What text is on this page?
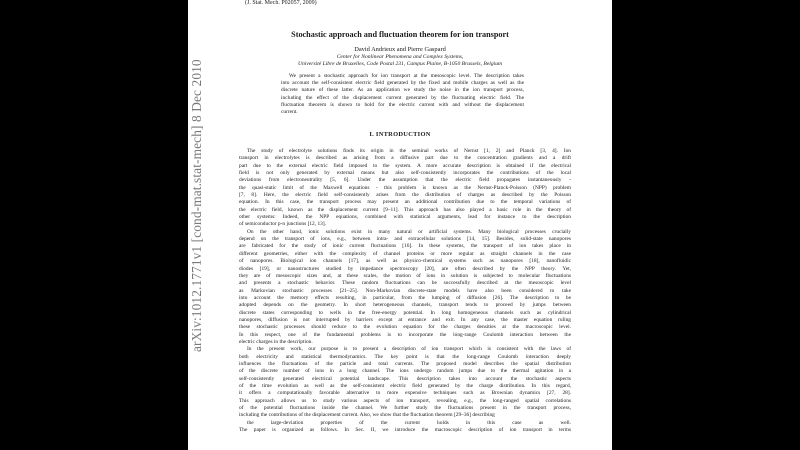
arXiv:1012.1771v1 [cond-mat.stat-mech] 8 Dec 2010
(J. Stat. Mech. P02057, 2009)
Stochastic approach and fluctuation theorem for ion transport
David Andrieux and Pierre Gaspard
Center for Nonlinear Phenomena and Complex Systems,
Université Libre de Bruxelles, Code Postal 231, Campus Plaine, B-1050 Brussels, Belgium
We present a stochastic approach for ion transport at the mesoscopic level. The description takes
into account the self-consistent electric field generated by the fixed and mobile charges as well as the
discrete nature of these latter. As an application we study the noise in the ion transport process,
including the effect of the displacement current generated by the fluctuating electric field. The
fluctuation theorem is shown to hold for the electric current with and without the displacement
current.
I. INTRODUCTION
The study of electrolyte solutions finds its origin in the seminal works of Nernst [1, 2] and Planck [3, 4]. Ion
transport in electrolytes is described as arising from a diffusive part due to the concentration gradients and a drift
part due to the external electric field imposed to the system. A more accurate description is obtained if the electrical
field is not only generated by external means but also self-consistently incorporates the contributions of the local
deviations from electroneutrality [5, 6]. Under the assumption that the electric field propagates instantaneously -
the quasi-static limit of the Maxwell equations - this problem is known as the Nernst-Planck-Poisson (NPP) problem
[7, 8]. Here, the electric field self-consistently arises from the distribution of charges as described by the Poisson
equation. In this case, the transport process may present an additional contribution due to the temporal variations of
the electric field, known as the displacement current [9–11]. This approach has also played a basic role in the theory of
other systems: Indeed, the NPP equations, combined with statistical arguments, lead for instance to the description
of semiconductor p-n junctions [12, 13].
On the other hand, ionic solutions exist in many natural or artificial systems. Many biological processes crucially
depend on the transport of ions, e.g., between intra- and extracellular solutions [14, 15]. Besides, solid-state nanopores
are fabricated for the study of ionic current fluctuations [16]. In these systems, the transport of ion takes place in
different geometries, either with the complexity of channel proteins or more regular as straight channels in the case
of nanopores. Biological ion channels [17], as well as physico-chemical systems such as nanopores [18], nanofluidic
diodes [19], or nanostructures studied by impedance spectroscopy [20], are often described by the NPP theory. Yet,
they are of mesoscopic sizes and, at these scales, the motion of ions in solution is subjected to molecular fluctuations
and presents a stochastic behavior. These random fluctuations can be successfully described at the mesoscopic level
as Markovian stochastic processes [21–25]. Non-Markovian discrete-state models have also been considered to take
into account the memory effects resulting, in particular, from the lumping of diffusion [26]. The description to be
adopted depends on the geometry. In short heterogeneous channels, transport tends to proceed by jumps between
discrete states corresponding to wells in the free-energy potential. In long homogeneous channels such as cylindrical
nanopores, diffusion is not interrupted by barriers except at entrance and exit. In any case, the master equation ruling
these stochastic processes should reduce to the evolution equation for the charges densities at the macroscopic level.
In this respect, one of the fundamental problems is to incorporate the long-range Coulomb interaction between the
electric charges in the description.
In the present work, our purpose is to present a description of ion transport which is consistent with the laws of
both electricity and statistical thermodynamics. The key point is that the long-range Coulomb interaction deeply
influences the fluctuations of the particle and total currents. The proposed model describes the spatial distribution
of the discrete number of ions in a long channel. The ions undergo random jumps due to the thermal agitation in a
self-consistently generated electrical potential landscape. This description takes into account the stochastic aspects
of the time evolution as well as the self-consistent electric field generated by the charge distribution. In this regard,
it offers a computationally favorable alternative to more expensive techniques such as Brownian dynamics [27, 28].
This approach allows us to study various aspects of ion transport, revealing, e.g., the long-ranged spatial correlations
of the potential fluctuations inside the channel. We further study the fluctuations present in the transport process,
including the contributions of the displacement current. Also, we show that the fluctuation theorem [29–36] describing
the large-deviation properties of the current holds in this case as well.
The paper is organized as follows. In Sec. II, we introduce the macroscopic description of ion transport in terms
